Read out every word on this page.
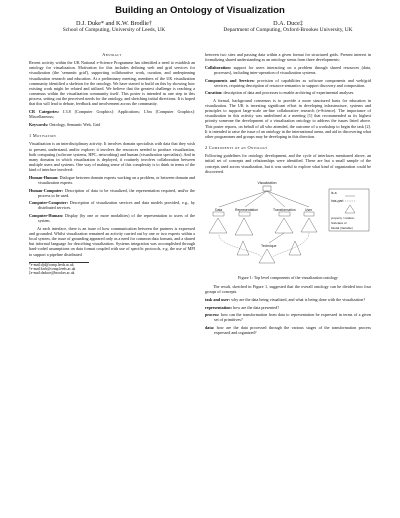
Building an Ontology of Visualization
D.J. Duke* and K.W. Brodlie†
School of Computing, University of Leeds, UK
D.A. Duce‡
Department of Computing, Oxford-Brookes University, UK
Abstract

Recent activity within the UK National e-Science Programme has identified a need to establish an ontology for visualization. Motivation for this includes defining web and grid services for visualization (the 'semantic grid'), supporting collaborative work, curation, and underpinning visualization research and education. At a preliminary meeting, members of the UK visualization community identified a skeleton for the ontology. We have started to build on this by showing how existing work might be related and utilized. We believe that the greatest challenge is reaching a consensus within the visualization community itself. This poster is intended as one step in this process, setting out the perceived needs for the ontology, and sketching initial directions. It is hoped that this will lead to debate, feedback and involvement across the community.

CR Categories: I.3.8 [Computer Graphics]: Applications; I.3m [Computer Graphics]: Miscellaneous;

Keywords: Ontology, Semantic Web, Grid

1 Motivation

Visualization is an interdisciplinary activity. It involves domain specialists with data that they wish to present, understand, and/or explore; it involves the resources needed to produce visualization, both computing (software systems, HPC, networking) and human (visualization specialists). And in many domains in which visualization is deployed, it routinely involves collaboration between multiple users and systems. One way of making sense of this complexity is to think in terms of the kind of interface involved:

Human-Human: Dialogue between domain experts working on a problem, or between domain and visualization experts.
Human-Computer: Description of data to be visualized, the representation required, and/or the process to be used.
Computer-Computer: Description of visualization services and data models provided, e.g., by distributed services.
Computer-Human: Display (by one or more modalities) of the representation to users of the system.

At each interface, there is an issue of how communication between the partners is expressed and grounded. Whilst visualization remained an activity carried out by one or two experts within a local system, the issue of grounding appeared only as a need for common data formats, and a shared but informal language for describing visualization. Systems integration was accomplished through hard-coded assumptions on data format coupled with use of specific protocols, e.g. the use of MPI to support a pipeline distributed

*e-mail:djd@comp.leeds.ac.uk
†e-mail:kwb@comp.leeds.ac.uk
‡e-mail:daduce@brookes.ac.uk

between two sites and passing data within a given format for structured grids. Present interest in formalizing shared understanding as an ontology stems from three developments:

Collaboration: support for users interacting on a problem through shared resources (data, processes), including inter-operation of visualization systems.
Components and Services: provision of capabilities as software components and web/grid services, requiring description of resource semantics to support discovery and composition.
Curation: description of data and processes to enable archiving of experimental analyses.

A formal, background consensus is to provide a more structured basis for education in visualization. The UK is investing significant effort in developing infrastructure, systems and principles to support large-scale on-line collaborative research (e-Science). The importance of visualization in this activity was underlined at a meeting [1] that recommended as its highest priority someone the development of a visualization ontology to address the issues listed above. This poster reports, on behalf of all who attended, the outcome of a workshop to begin the task [2]. It is intended to raise the issue of an ontology in the international arena, and aid in discovering what other programmes and groups may be developing in this direction.

2 Components of an Ontology

Following guidelines for ontology development, and the cycle of interfaces mentioned above, an initial set of concepts and relationships were identified. These are but a small sample of the concepts used across visualization, but it was useful to explore what kind of organization could be discovered.

Visualization
Data	Representation	Transformation	User
Technique
is-a
has-part
property / relation
Subclass of
Modal (Variable)
Figure 1: Top level components of the visualization ontology

The result, sketched in Figure 1, suggested that the overall ontology can be divided into four groups of concepts.

task and user: why are the data being visualized, and what is being done with the visualization?
representation: how are the data presented?
process: how can the transformation from data to representation be expressed in terms of a given set of primitives?
data: how are the data processed through the various stages of the transformation process expressed and organized?
